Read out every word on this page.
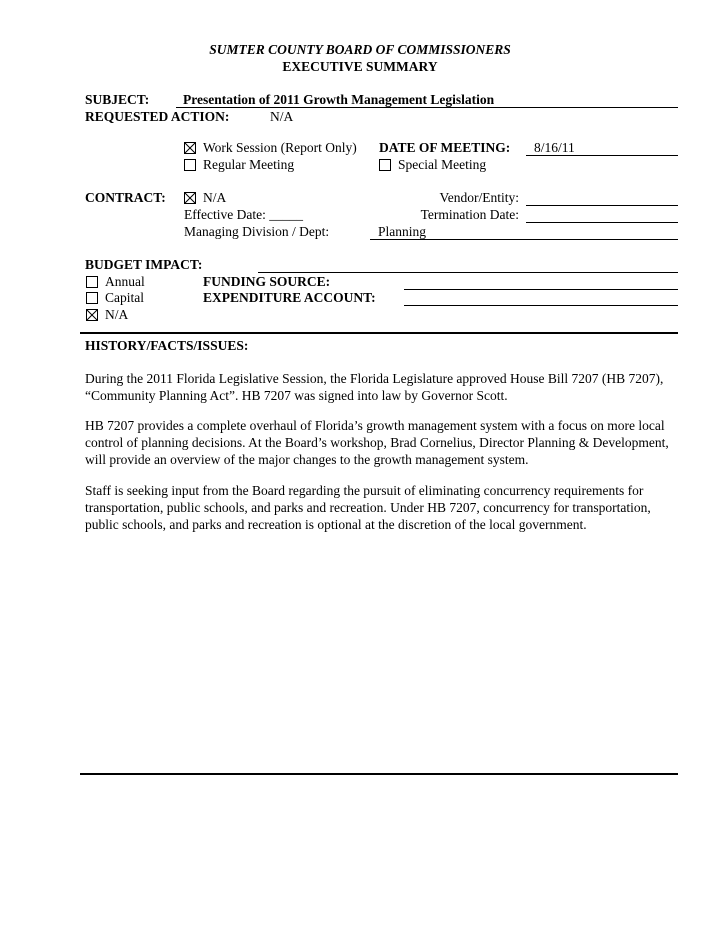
SUMTER COUNTY BOARD OF COMMISSIONERS
EXECUTIVE SUMMARY
SUBJECT: Presentation of 2011 Growth Management Legislation
REQUESTED ACTION:	N/A
Work Session (Report Only) DATE OF MEETING: 8/16/11
Regular Meeting	Special Meeting
CONTRACT:	N/A	Vendor/Entity:
Effective Date: _____	Termination Date:
Managing Division / Dept:	Planning
BUDGET IMPACT:
Annual	FUNDING SOURCE:
Capital	EXPENDITURE ACCOUNT:
N/A
HISTORY/FACTS/ISSUES:
During the 2011 Florida Legislative Session, the Florida Legislature approved House Bill 7207 (HB 7207), “Community Planning Act”. HB 7207 was signed into law by Governor Scott.
HB 7207 provides a complete overhaul of Florida’s growth management system with a focus on more local control of planning decisions. At the Board’s workshop, Brad Cornelius, Director Planning & Development, will provide an overview of the major changes to the growth management system.
Staff is seeking input from the Board regarding the pursuit of eliminating concurrency requirements for transportation, public schools, and parks and recreation. Under HB 7207, concurrency for transportation, public schools, and parks and recreation is optional at the discretion of the local government.
